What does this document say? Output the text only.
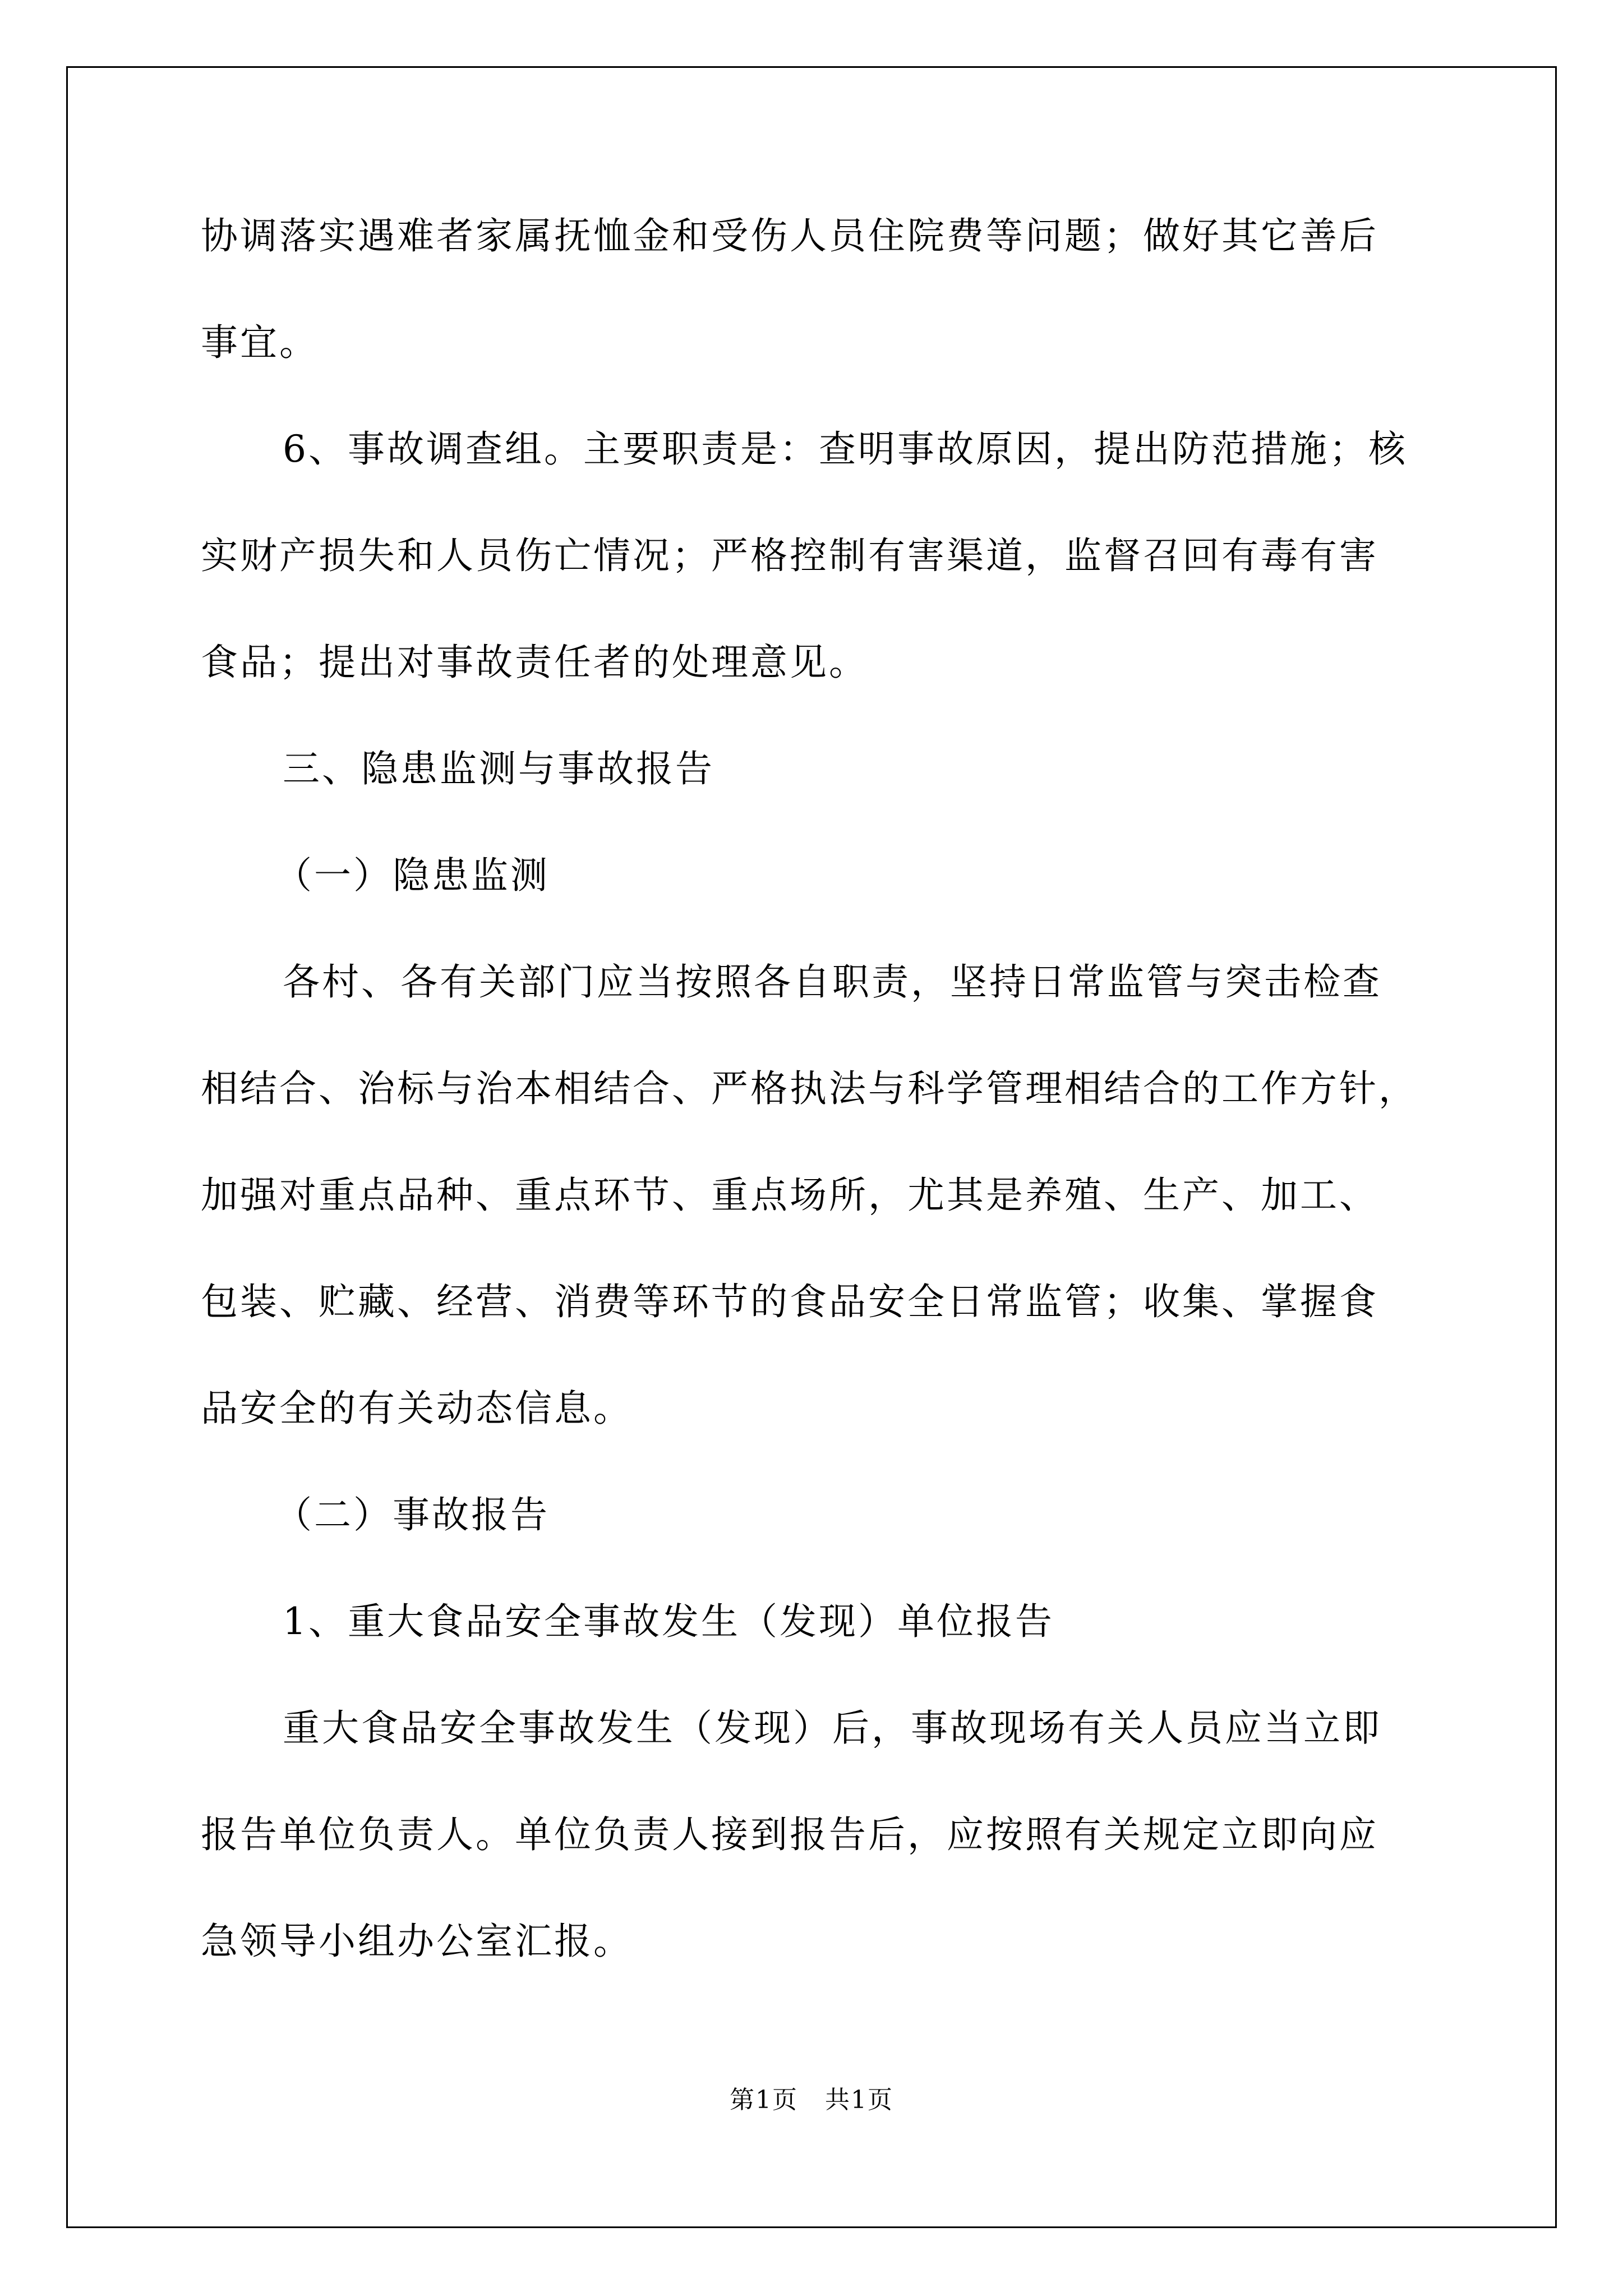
协调落实遇难者家属抚恤金和受伤人员住院费等问题；做好其它善后
事宜。
6、事故调查组。主要职责是：查明事故原因，提出防范措施；核
实财产损失和人员伤亡情况；严格控制有害渠道，监督召回有毒有害
食品；提出对事故责任者的处理意见。
三、隐患监测与事故报告
（一）隐患监测
各村、各有关部门应当按照各自职责，坚持日常监管与突击检查
相结合、治标与治本相结合、严格执法与科学管理相结合的工作方针，
加强对重点品种、重点环节、重点场所，尤其是养殖、生产、加工、
包装、贮藏、经营、消费等环节的食品安全日常监管；收集、掌握食
品安全的有关动态信息。
（二）事故报告
1、重大食品安全事故发生（发现）单位报告
重大食品安全事故发生（发现）后，事故现场有关人员应当立即
报告单位负责人。单位负责人接到报告后，应按照有关规定立即向应
急领导小组办公室汇报。
第1页   共1页
